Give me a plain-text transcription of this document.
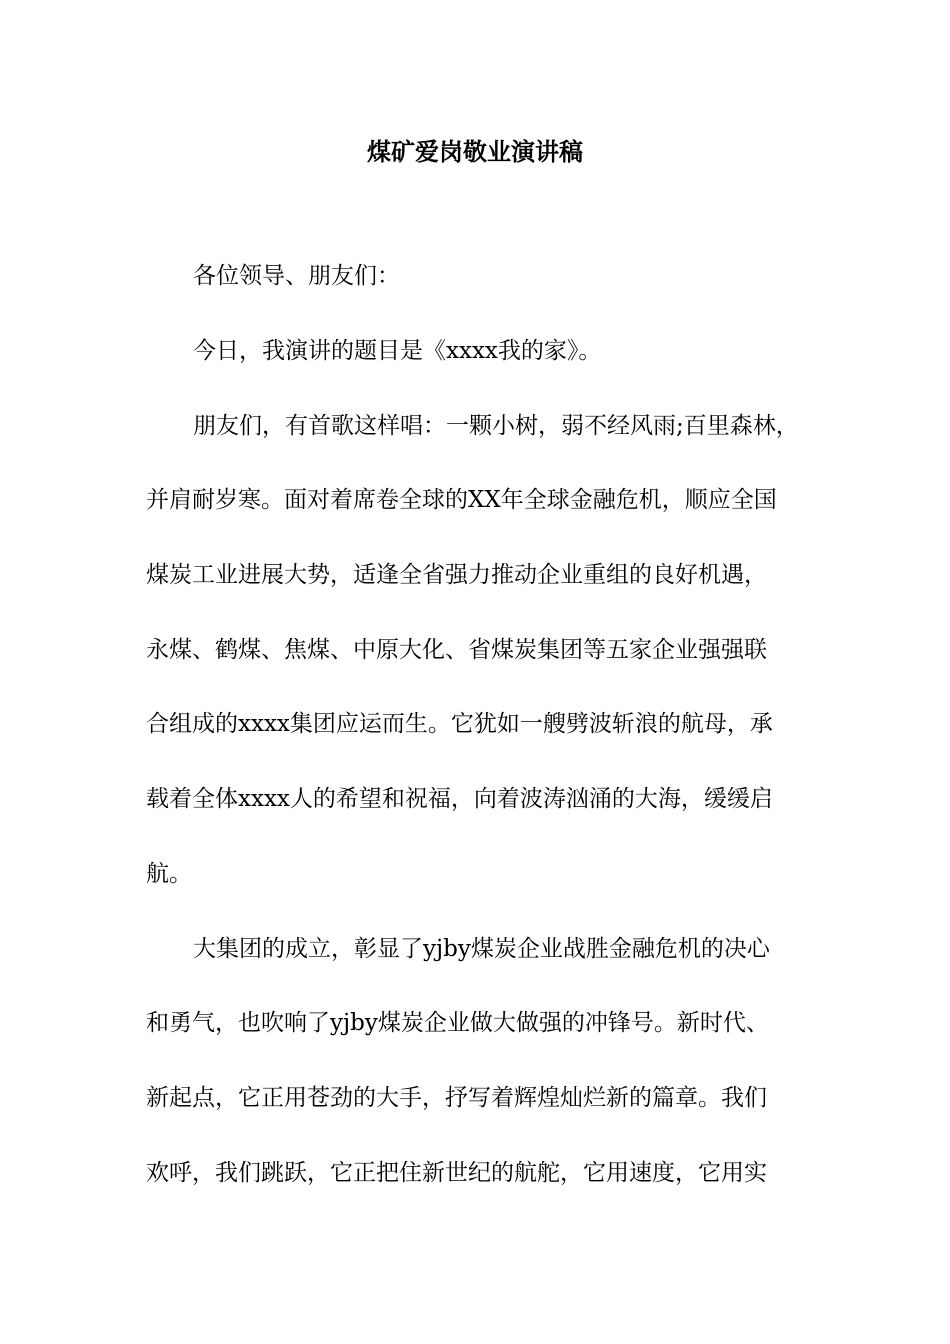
煤矿爱岗敬业演讲稿
各位领导、朋友们：
今日，我演讲的题目是《xxxx我的家》。
朋友们，有首歌这样唱：一颗小树，弱不经风雨;百里森林，
并肩耐岁寒。面对着席卷全球的XX年全球金融危机，顺应全国
煤炭工业进展大势，适逢全省强力推动企业重组的良好机遇，
永煤、鹤煤、焦煤、中原大化、省煤炭集团等五家企业强强联
合组成的xxxx集团应运而生。它犹如一艘劈波斩浪的航母，承
载着全体xxxx人的希望和祝福，向着波涛汹涌的大海，缓缓启
航。
大集团的成立，彰显了yjby煤炭企业战胜金融危机的决心
和勇气，也吹响了yjby煤炭企业做大做强的冲锋号。新时代、
新起点，它正用苍劲的大手，抒写着辉煌灿烂新的篇章。我们
欢呼，我们跳跃，它正把住新世纪的航舵，它用速度，它用实
